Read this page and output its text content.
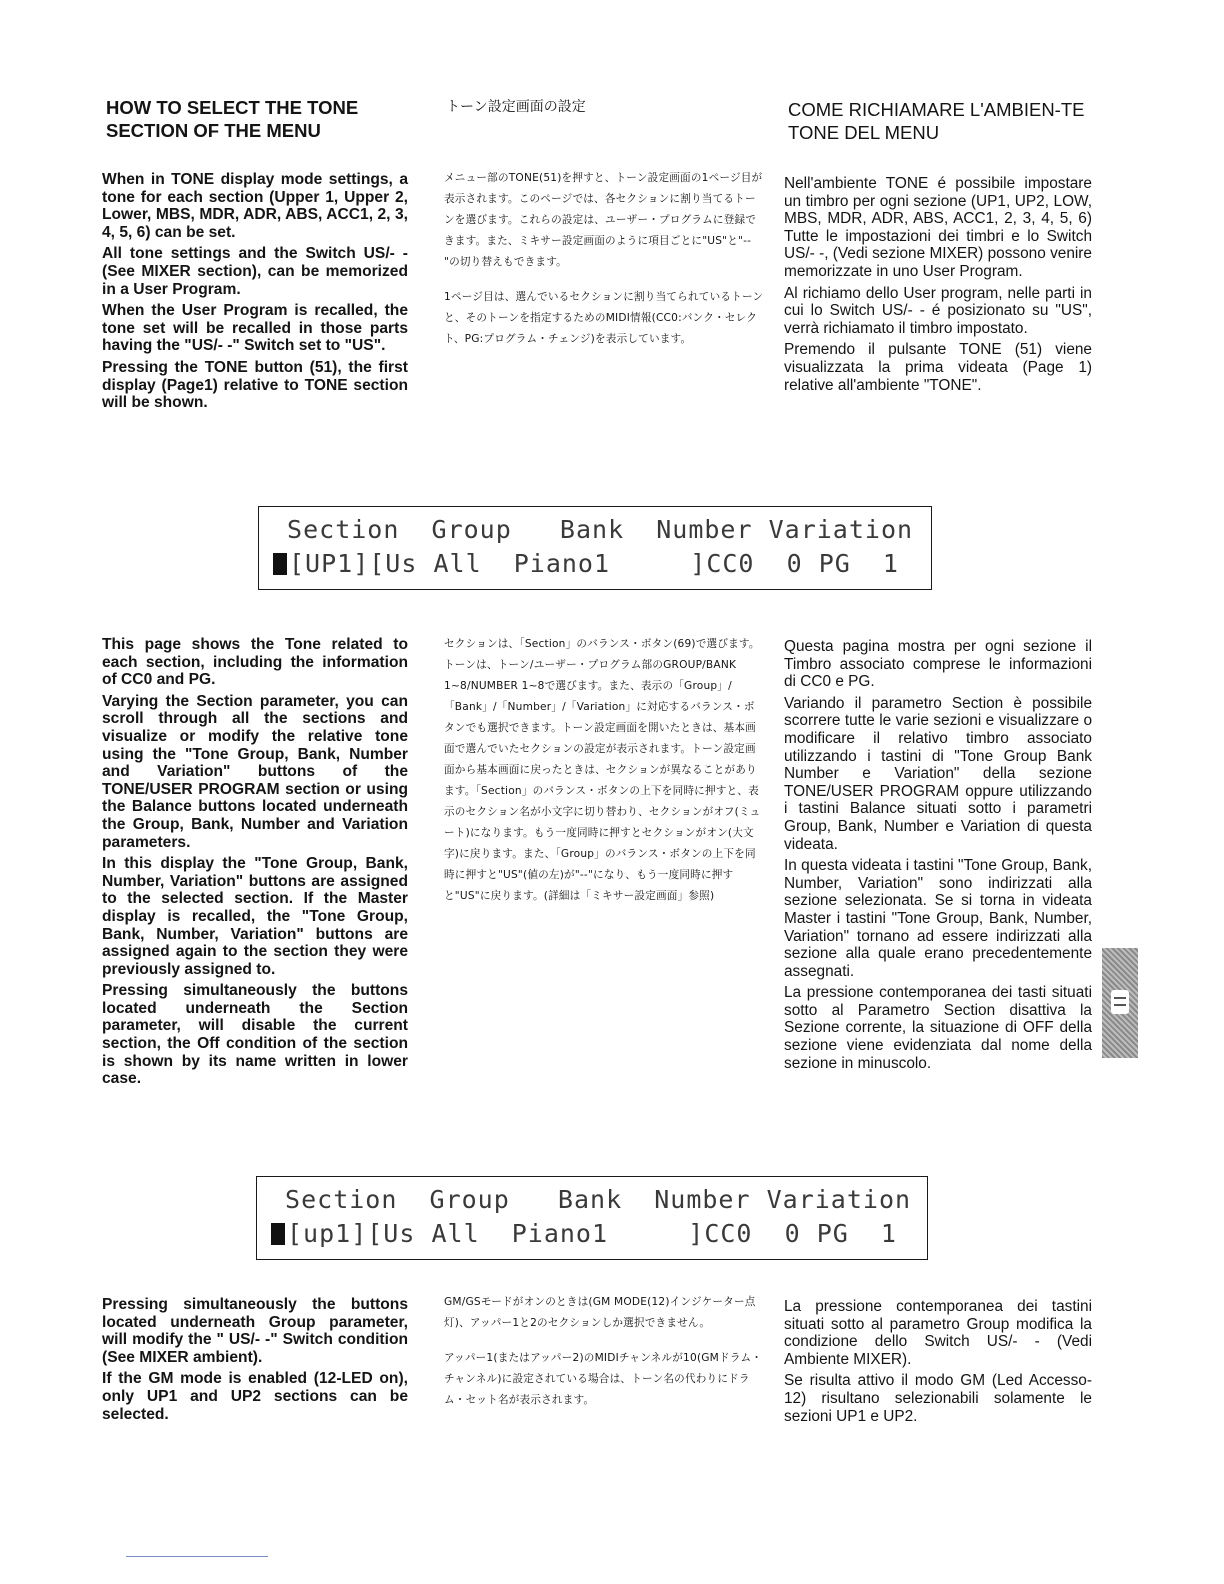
HOW TO SELECT THE TONE SECTION OF THE MENU
トーン設定画面の設定	COME RICHIAMARE L'AMBIEN-TE TONE DEL MENU

When in TONE display mode settings, a tone for each section (Upper 1, Upper 2, Lower, MBS, MDR, ADR, ABS, ACC1, 2, 3, 4, 5, 6) can be set.

All tone settings and the Switch US/- - (See MIXER section), can be memorized in a User Program.

When the User Program is recalled, the tone set will be recalled in those parts having the "US/- -" Switch set to "US".

Pressing the TONE button (51), the first display (Page1) relative to TONE section will be shown.

メニュー部のTONE(51)を押すと、トーン設定画面の1ページ目が表示されます。このページでは、各セクションに割り当てるトーンを選びます。これらの設定は、ユーザー・プログラムに登録できます。また、ミキサー設定画面のように項目ごとに"US"と"--"の切り替えもできます。

1ページ目は、選んでいるセクションに割り当てられているトーンと、そのトーンを指定するためのMIDI情報(CC0:バンク・セレクト、PG:プログラム・チェンジ)を表示しています。

Nell'ambiente TONE é possibile impostare un timbro per ogni sezione (UP1, UP2, LOW, MBS, MDR, ADR, ABS, ACC1, 2, 3, 4, 5, 6) Tutte le impostazioni dei timbri e lo Switch US/- -, (Vedi sezione MIXER) possono venire memorizzate in uno User Program.

Al richiamo dello User program, nelle parti in cui lo Switch US/- - é posizionato su "US", verrà richiamato il timbro impostato.

Premendo il pulsante TONE (51) viene visualizzata la prima videata (Page 1) relative all'ambiente "TONE".

Section  Group   Bank  Number Variation
[UP1][Us All  Piano1     ]CC0  0 PG  1

This page shows the Tone related to each section, including the information of CC0 and PG.

Varying the Section parameter, you can scroll through all the sections and visualize or modify the relative tone using the "Tone Group, Bank, Number and Variation" buttons of the TONE/USER PROGRAM section or using the Balance buttons located underneath the Group, Bank, Number and Variation parameters.

In this display the "Tone Group, Bank, Number, Variation" buttons are assigned to the selected section. If the Master display is recalled, the "Tone Group, Bank, Number, Variation" buttons are assigned again to the section they were previously assigned to.

Pressing simultaneously the buttons located underneath the Section parameter, will disable the current section, the Off condition of the section is shown by its name written in lower case.

セクションは、「Section」のバランス・ボタン(69)で選びます。トーンは、トーン/ユーザー・プログラム部のGROUP/BANK 1~8/NUMBER 1~8で選びます。また、表示の「Group」/「Bank」/「Number」/「Variation」に対応するバランス・ボタンでも選択できます。トーン設定画面を開いたときは、基本画面で選んでいたセクションの設定が表示されます。トーン設定画面から基本画面に戻ったときは、セクションが異なることがあります。「Section」のバランス・ボタンの上下を同時に押すと、表示のセクション名が小文字に切り替わり、セクションがオフ(ミュート)になります。もう一度同時に押すとセクションがオン(大文字)に戻ります。また、「Group」のバランス・ボタンの上下を同時に押すと"US"(値の左)が"--"になり、もう一度同時に押すと"US"に戻ります。(詳細は「ミキサー設定画面」参照)

Questa pagina mostra per ogni sezione il Timbro associato comprese le informazioni di CC0 e PG.

Variando il parametro Section è possibile scorrere tutte le varie sezioni e visualizzare o modificare il relativo timbro associato utilizzando i tastini di "Tone Group Bank Number e Variation" della sezione TONE/USER PROGRAM oppure utilizzando i tastini Balance situati sotto i parametri Group, Bank, Number e Variation di questa videata.

In questa videata i tastini "Tone Group, Bank, Number, Variation" sono indirizzati alla sezione selezionata. Se si torna in videata Master i tastini "Tone Group, Bank, Number, Variation" tornano ad essere indirizzati alla sezione alla quale erano precedentemente assegnati.

La pressione contemporanea dei tasti situati sotto al Parametro Section disattiva la Sezione corrente, la situazione di OFF della sezione viene evidenziata dal nome della sezione in minuscolo.

Section  Group   Bank  Number Variation
[up1][Us All  Piano1     ]CC0  0 PG  1

Pressing simultaneously the buttons located underneath Group parameter, will modify the " US/- -" Switch condition (See MIXER ambient).

If the GM mode is enabled (12-LED on), only UP1 and UP2 sections can be selected.

GM/GSモードがオンのときは(GM MODE(12)インジケーター点灯)、アッパー1と2のセクションしか選択できません。

アッパー1(またはアッパー2)のMIDIチャンネルが10(GMドラム・チャンネル)に設定されている場合は、トーン名の代わりにドラム・セット名が表示されます。

La pressione contemporanea dei tastini situati sotto al parametro Group modifica la condizione dello Switch US/- - (Vedi Ambiente MIXER).

Se risulta attivo il modo GM (Led Accesso-12) risultano selezionabili solamente le sezioni UP1 e UP2.
